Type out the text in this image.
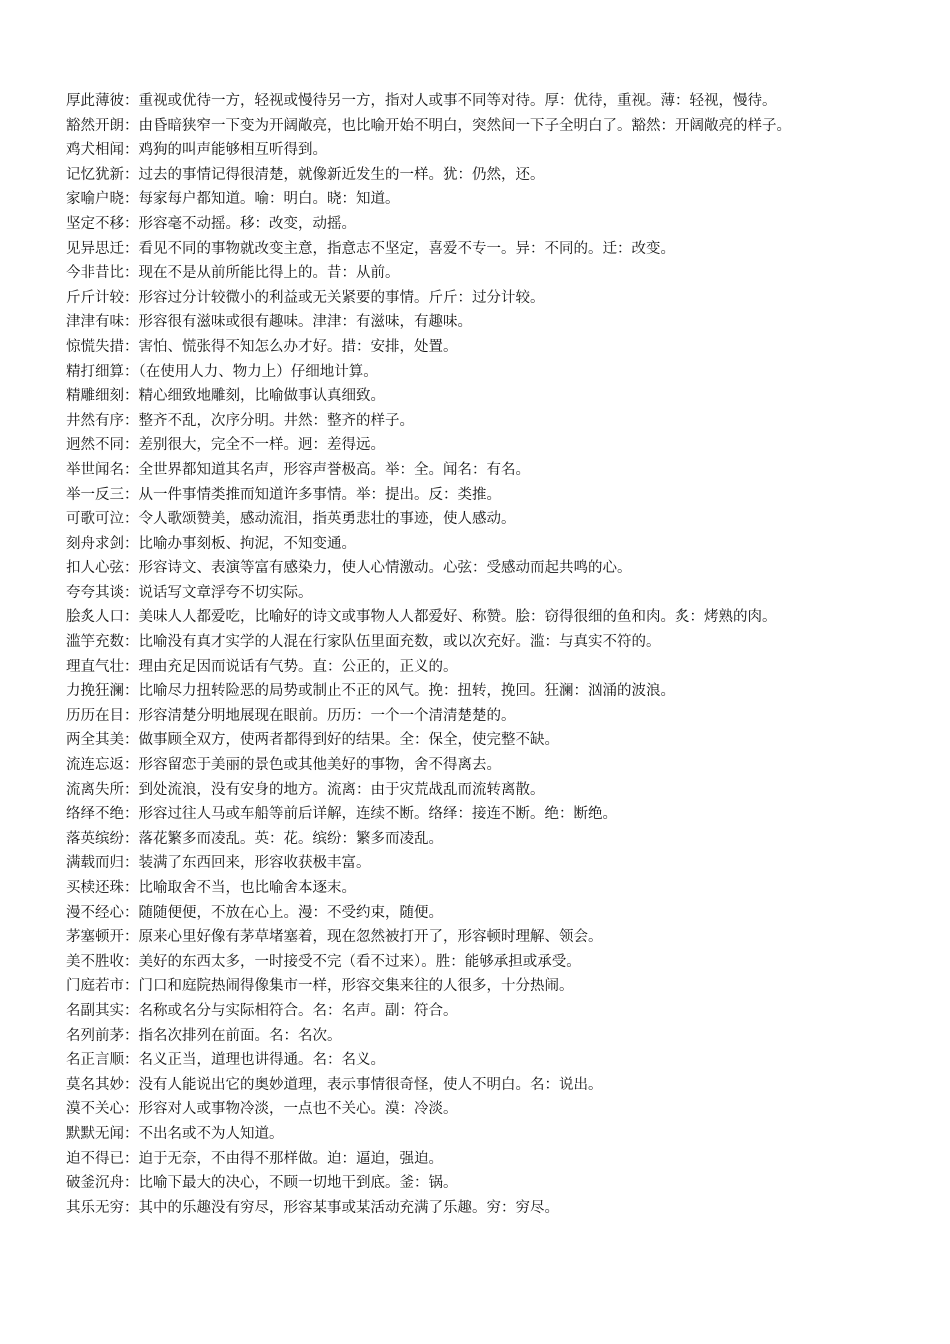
厚此薄彼：重视或优待一方，轻视或慢待另一方，指对人或事不同等对待。厚：优待，重视。薄：轻视，慢待。
豁然开朗：由昏暗狭窄一下变为开阔敞亮，也比喻开始不明白，突然间一下子全明白了。豁然：开阔敞亮的样子。
鸡犬相闻：鸡狗的叫声能够相互听得到。
记忆犹新：过去的事情记得很清楚，就像新近发生的一样。犹：仍然，还。
家喻户晓：每家每户都知道。喻：明白。晓：知道。
坚定不移：形容毫不动摇。移：改变，动摇。
见异思迁：看见不同的事物就改变主意，指意志不坚定，喜爱不专一。异：不同的。迁：改变。
今非昔比：现在不是从前所能比得上的。昔：从前。
斤斤计较：形容过分计较微小的利益或无关紧要的事情。斤斤：过分计较。
津津有味：形容很有滋味或很有趣味。津津：有滋味，有趣味。
惊慌失措：害怕、慌张得不知怎么办才好。措：安排，处置。
精打细算：（在使用人力、物力上）仔细地计算。
精雕细刻：精心细致地雕刻，比喻做事认真细致。
井然有序：整齐不乱，次序分明。井然：整齐的样子。
迥然不同：差别很大，完全不一样。迥：差得远。
举世闻名：全世界都知道其名声，形容声誉极高。举：全。闻名：有名。
举一反三：从一件事情类推而知道许多事情。举：提出。反：类推。
可歌可泣：令人歌颂赞美，感动流泪，指英勇悲壮的事迹，使人感动。
刻舟求剑：比喻办事刻板、拘泥，不知变通。
扣人心弦：形容诗文、表演等富有感染力，使人心情激动。心弦：受感动而起共鸣的心。
夸夸其谈：说话写文章浮夸不切实际。
脍炙人口：美味人人都爱吃，比喻好的诗文或事物人人都爱好、称赞。脍：窃得很细的鱼和肉。炙：烤熟的肉。
滥竽充数：比喻没有真才实学的人混在行家队伍里面充数，或以次充好。滥：与真实不符的。
理直气壮：理由充足因而说话有气势。直：公正的，正义的。
力挽狂澜：比喻尽力扭转险恶的局势或制止不正的风气。挽：扭转，挽回。狂澜：汹涌的波浪。
历历在目：形容清楚分明地展现在眼前。历历：一个一个清清楚楚的。
两全其美：做事顾全双方，使两者都得到好的结果。全：保全，使完整不缺。
流连忘返：形容留恋于美丽的景色或其他美好的事物，舍不得离去。
流离失所：到处流浪，没有安身的地方。流离：由于灾荒战乱而流转离散。
络绎不绝：形容过往人马或车船等前后详解，连续不断。络绎：接连不断。绝：断绝。
落英缤纷：落花繁多而凌乱。英：花。缤纷：繁多而凌乱。
满载而归：装满了东西回来，形容收获极丰富。
买椟还珠：比喻取舍不当，也比喻舍本逐末。
漫不经心：随随便便，不放在心上。漫：不受约束，随便。
茅塞顿开：原来心里好像有茅草堵塞着，现在忽然被打开了，形容顿时理解、领会。
美不胜收：美好的东西太多，一时接受不完（看不过来）。胜：能够承担或承受。
门庭若市：门口和庭院热闹得像集市一样，形容交集来往的人很多，十分热闹。
名副其实：名称或名分与实际相符合。名：名声。副：符合。
名列前茅：指名次排列在前面。名：名次。
名正言顺：名义正当，道理也讲得通。名：名义。
莫名其妙：没有人能说出它的奥妙道理，表示事情很奇怪，使人不明白。名：说出。
漠不关心：形容对人或事物冷淡，一点也不关心。漠：冷淡。
默默无闻：不出名或不为人知道。
迫不得已：迫于无奈，不由得不那样做。迫：逼迫，强迫。
破釜沉舟：比喻下最大的决心，不顾一切地干到底。釜：锅。
其乐无穷：其中的乐趣没有穷尽，形容某事或某活动充满了乐趣。穷：穷尽。
